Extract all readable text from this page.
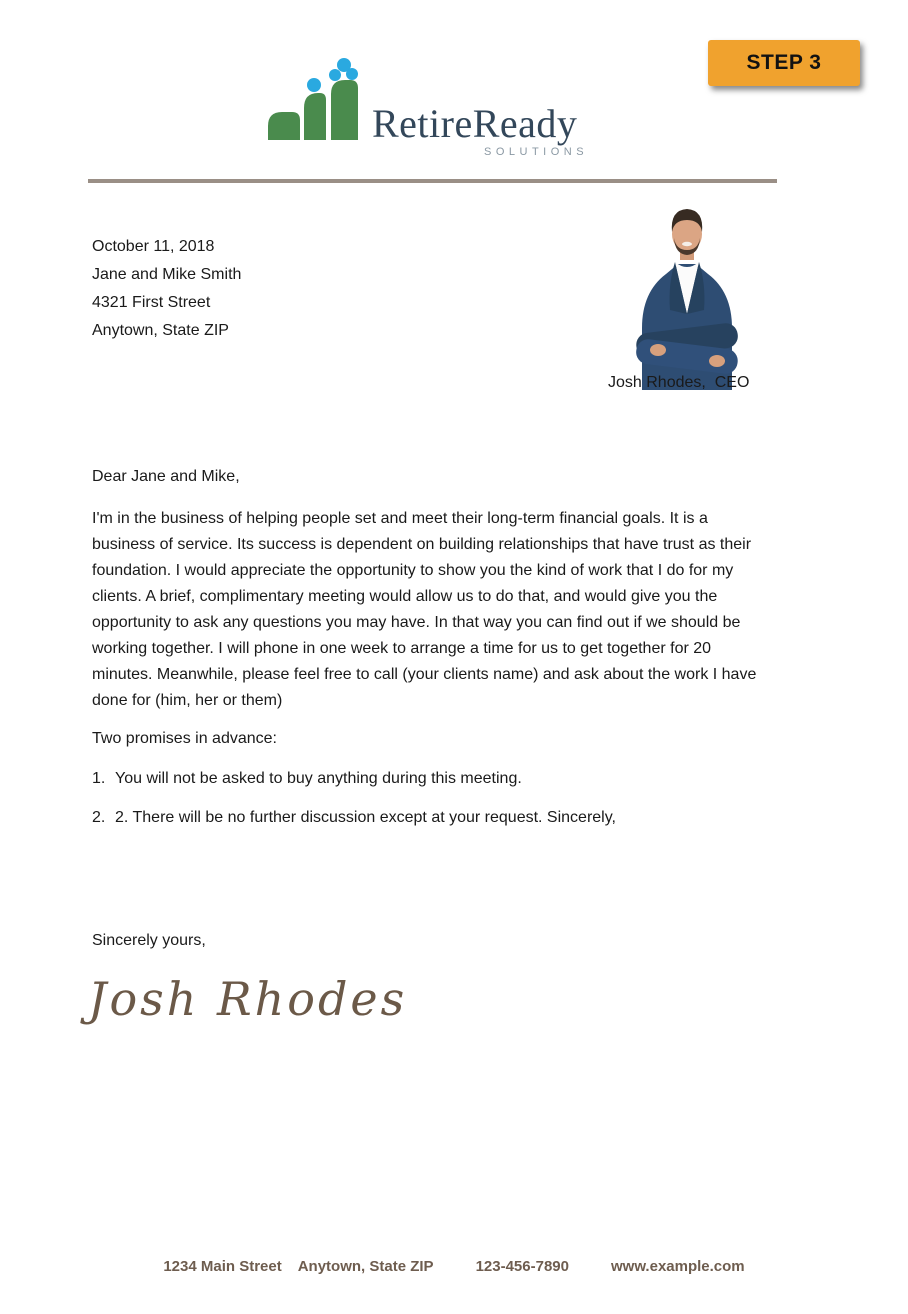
STEP 3
RetireReady
SOLUTIONS
October 11, 2018
Jane and Mike Smith
4321 First Street
Anytown, State ZIP
Josh Rhodes,  CEO
Dear Jane and Mike,
I'm in the business of helping people set and meet their long-term financial goals. It is a business of service. Its success is dependent on building relationships that have trust as their foundation. I would appreciate the opportunity to show you the kind of work that I do for my clients. A brief, complimentary meeting would allow us to do that, and would give you the opportunity to ask any questions you may have. In that way you can find out if we should be working together. I will phone in one week to arrange a time for us to get together for 20 minutes. Meanwhile, please feel free to call (your clients name) and ask about the work I have done for (him, her or them)
Two promises in advance:
1. You will not be asked to buy anything during this meeting.
2. 2. There will be no further discussion except at your request. Sincerely,
Sincerely yours,
Josh Rhodes
1234 Main Street Anytown, State ZIP	123-456-7890	www.example.com
